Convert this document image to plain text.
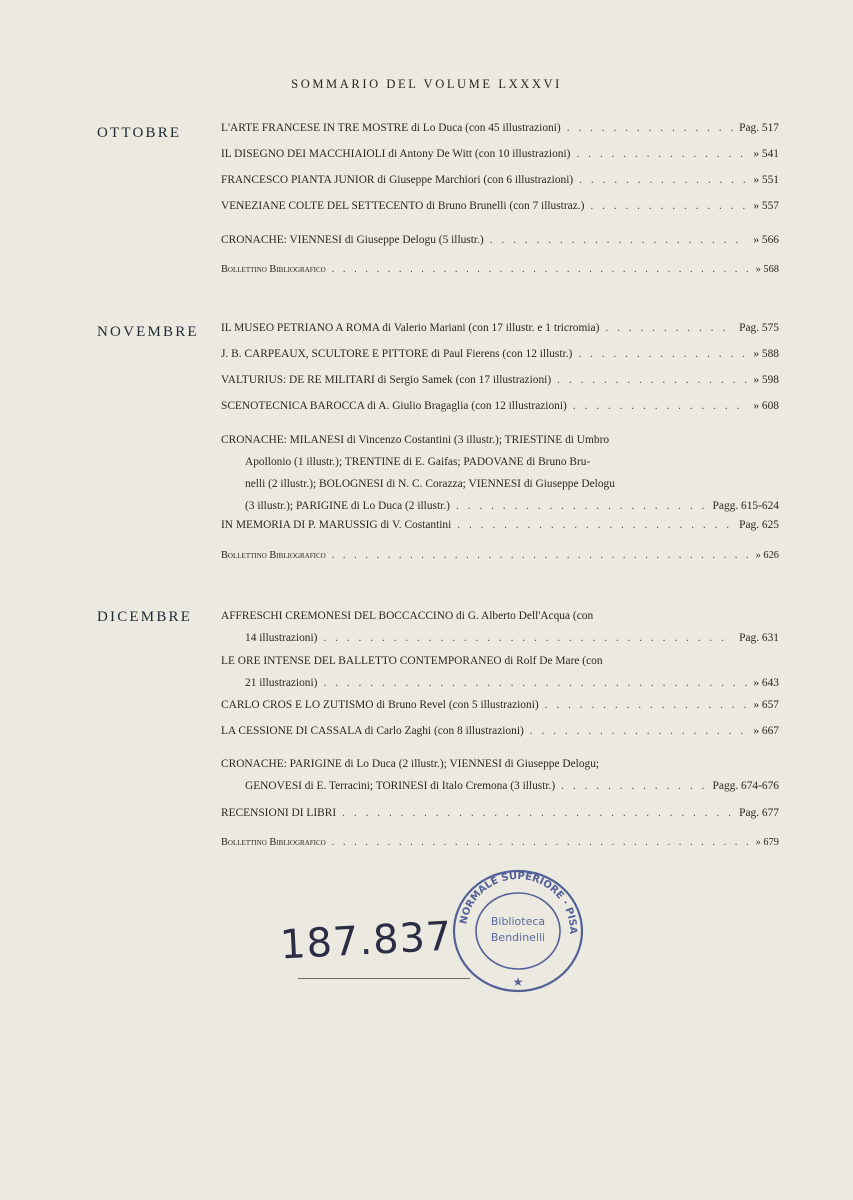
SOMMARIO DEL VOLUME LXXXVI
OTTOBRE	L'ARTE FRANCESE IN TRE MOSTRE di Lo Duca (con 45 illustrazioni) . . .	Pag. 517
IL DISEGNO DEI MACCHIAIOLI di Antony De Witt (con 10 illustrazioni) . . .	» 541
FRANCESCO PIANTA JUNIOR di Giuseppe Marchiori (con 6 illustrazioni) . . .	» 551
VENEZIANE COLTE DEL SETTECENTO di Bruno Brunelli (con 7 illustraz.) . . .	» 557
CRONACHE: VIENNESI di Giuseppe Delogu (5 illustr.) . . .	» 566
Bollettino Bibliografico . . .	» 568
NOVEMBRE IL MUSEO PETRIANO A ROMA di Valerio Mariani (con 17 illustr. e 1 tricromia) . . .	Pag. 575
J. B. CARPEAUX, SCULTORE E PITTORE di Paul Fierens (con 12 illustr.) . . .	» 588
VALTURIUS: DE RE MILITARI di Sergio Samek (con 17 illustrazioni) . . .	» 598
SCENOTECNICA BAROCCA di A. Giulio Bragaglia (con 12 illustrazioni) . . .	» 608
CRONACHE: MILANESI di Vincenzo Costantini (3 illustr.); TRIESTINE di Umbro
Apollonio (1 illustr.); TRENTINE di E. Gaifas; PADOVANE di Bruno Bru-
nelli (2 illustr.); BOLOGNESI di N. C. Corazza; VIENNESI di Giuseppe Delogu
(3 illustr.); PARIGINE di Lo Duca (2 illustr.) . . .	Pagg. 615-624
IN MEMORIA DI P. MARUSSIG di V. Costantini . . .	Pag. 625
Bollettino Bibliografico . . .	» 626
DICEMBRE	AFFRESCHI CREMONESI DEL BOCCACCINO di G. Alberto Dell'Acqua (con
14 illustrazioni) . . .	Pag. 631
LE ORE INTENSE DEL BALLETTO CONTEMPORANEO di Rolf De Mare (con
21 illustrazioni) . . .	» 643
CARLO CROS E LO ZUTISMO di Bruno Revel (con 5 illustrazioni) . . .	» 657
LA CESSIONE DI CASSALA di Carlo Zaghi (con 8 illustrazioni) . . .	» 667
CRONACHE: PARIGINE di Lo Duca (2 illustr.); VIENNESI di Giuseppe Delogu;
GENOVESI di E. Terracini; TORINESI di Italo Cremona (3 illustr.) . . .	Pagg. 674-676
RECENSIONI DI LIBRI . . .	Pag. 677
Bollettino Bibliografico . . .	» 679
NORMALE SUPERIORE · PISA
Biblioteca
Bendinelli
★
187.837
